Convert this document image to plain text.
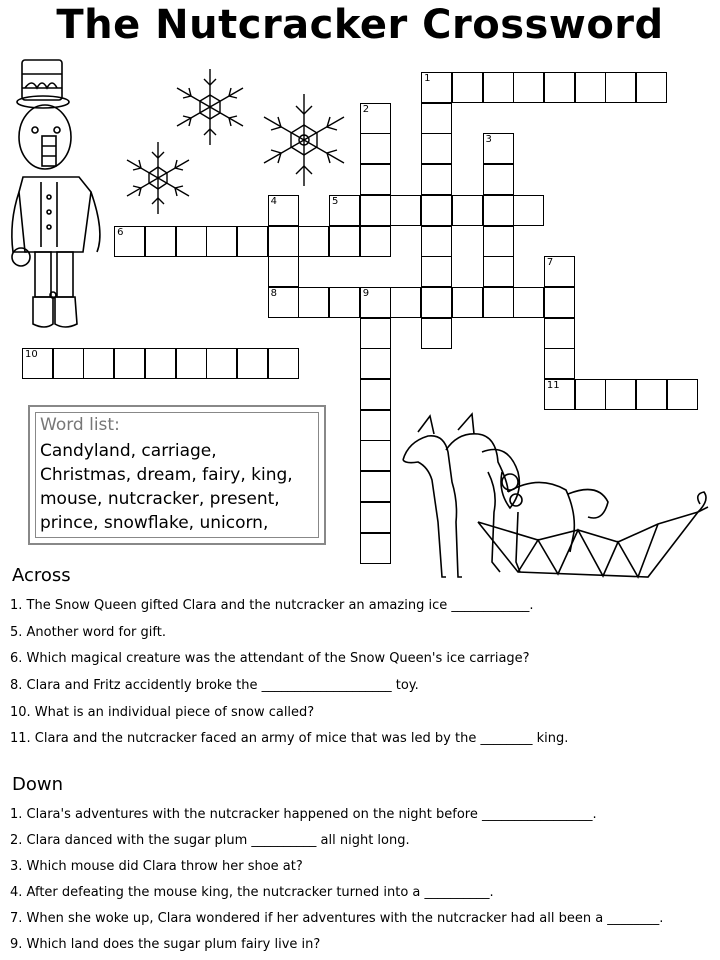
The Nutcracker Crossword
1
2
3
4
8
5
6
7
11
9
10
Word list:
Candyland, carriage,
Christmas, dream, fairy, king,
mouse, nutcracker, present,
prince, snowflake, unicorn,
Across
1. The Snow Queen gifted Clara and the nutcracker an amazing ice ____________.
5. Another word for gift.
6. Which magical creature was the attendant of the Snow Queen's ice carriage?
8. Clara and Fritz accidently broke the ____________________ toy.
10. What is an individual piece of snow called?
11. Clara and the nutcracker faced an army of mice that was led by the ________ king.
Down
1. Clara's adventures with the nutcracker happened on the night before _________________.
2. Clara danced with the sugar plum __________ all night long.
3. Which mouse did Clara throw her shoe at?
4. After defeating the mouse king, the nutcracker turned into a __________.
7. When she woke up, Clara wondered if her adventures with the nutcracker had all been a ________.
9. Which land does the sugar plum fairy live in?
